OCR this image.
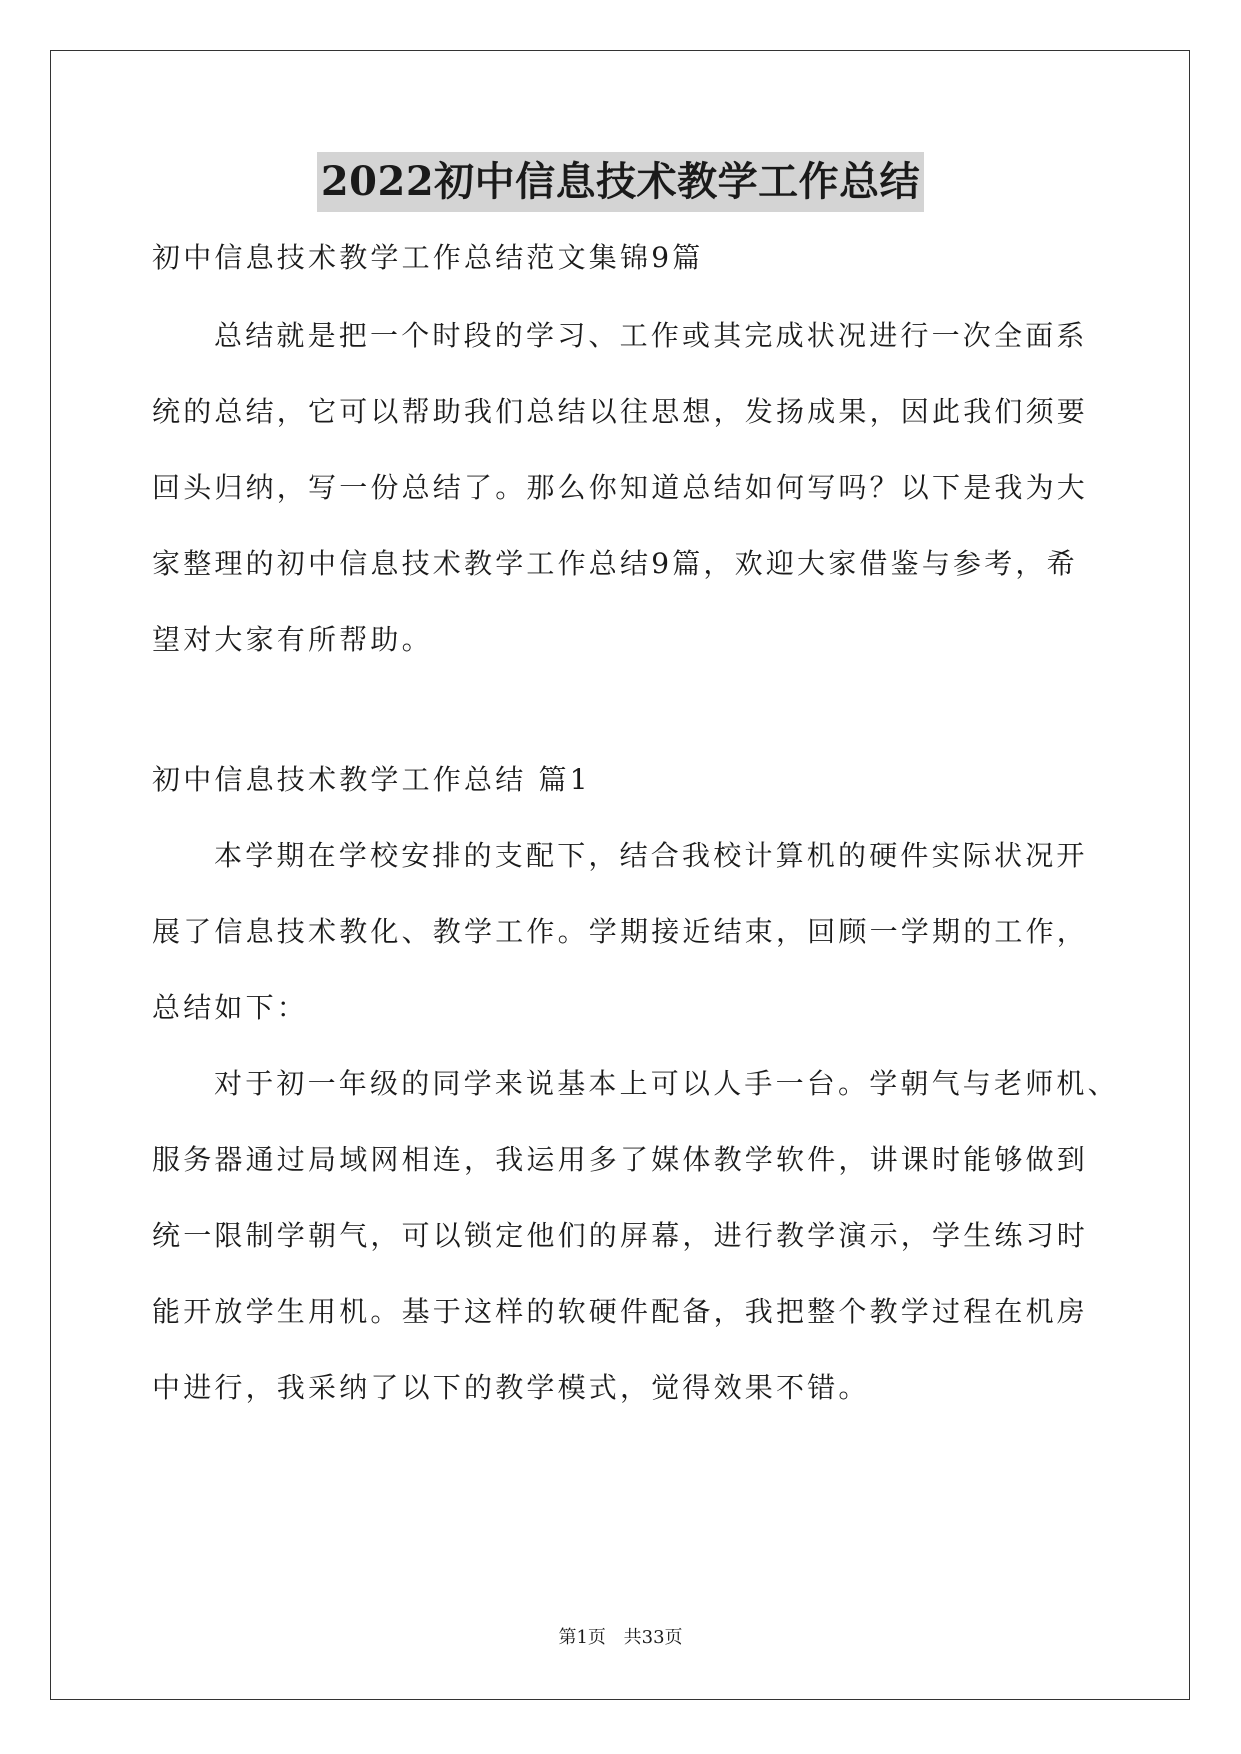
2022初中信息技术教学工作总结
初中信息技术教学工作总结范文集锦9篇
总结就是把一个时段的学习、工作或其完成状况进行一次全面系
统的总结，它可以帮助我们总结以往思想，发扬成果，因此我们须要
回头归纳，写一份总结了。那么你知道总结如何写吗？以下是我为大
家整理的初中信息技术教学工作总结9篇，欢迎大家借鉴与参考，希
望对大家有所帮助。
初中信息技术教学工作总结 篇1
本学期在学校安排的支配下，结合我校计算机的硬件实际状况开
展了信息技术教化、教学工作。学期接近结束，回顾一学期的工作，
总结如下：
对于初一年级的同学来说基本上可以人手一台。学朝气与老师机、
服务器通过局域网相连，我运用多了媒体教学软件，讲课时能够做到
统一限制学朝气，可以锁定他们的屏幕，进行教学演示，学生练习时
能开放学生用机。基于这样的软硬件配备，我把整个教学过程在机房
中进行，我采纳了以下的教学模式，觉得效果不错。
第1页 共33页
